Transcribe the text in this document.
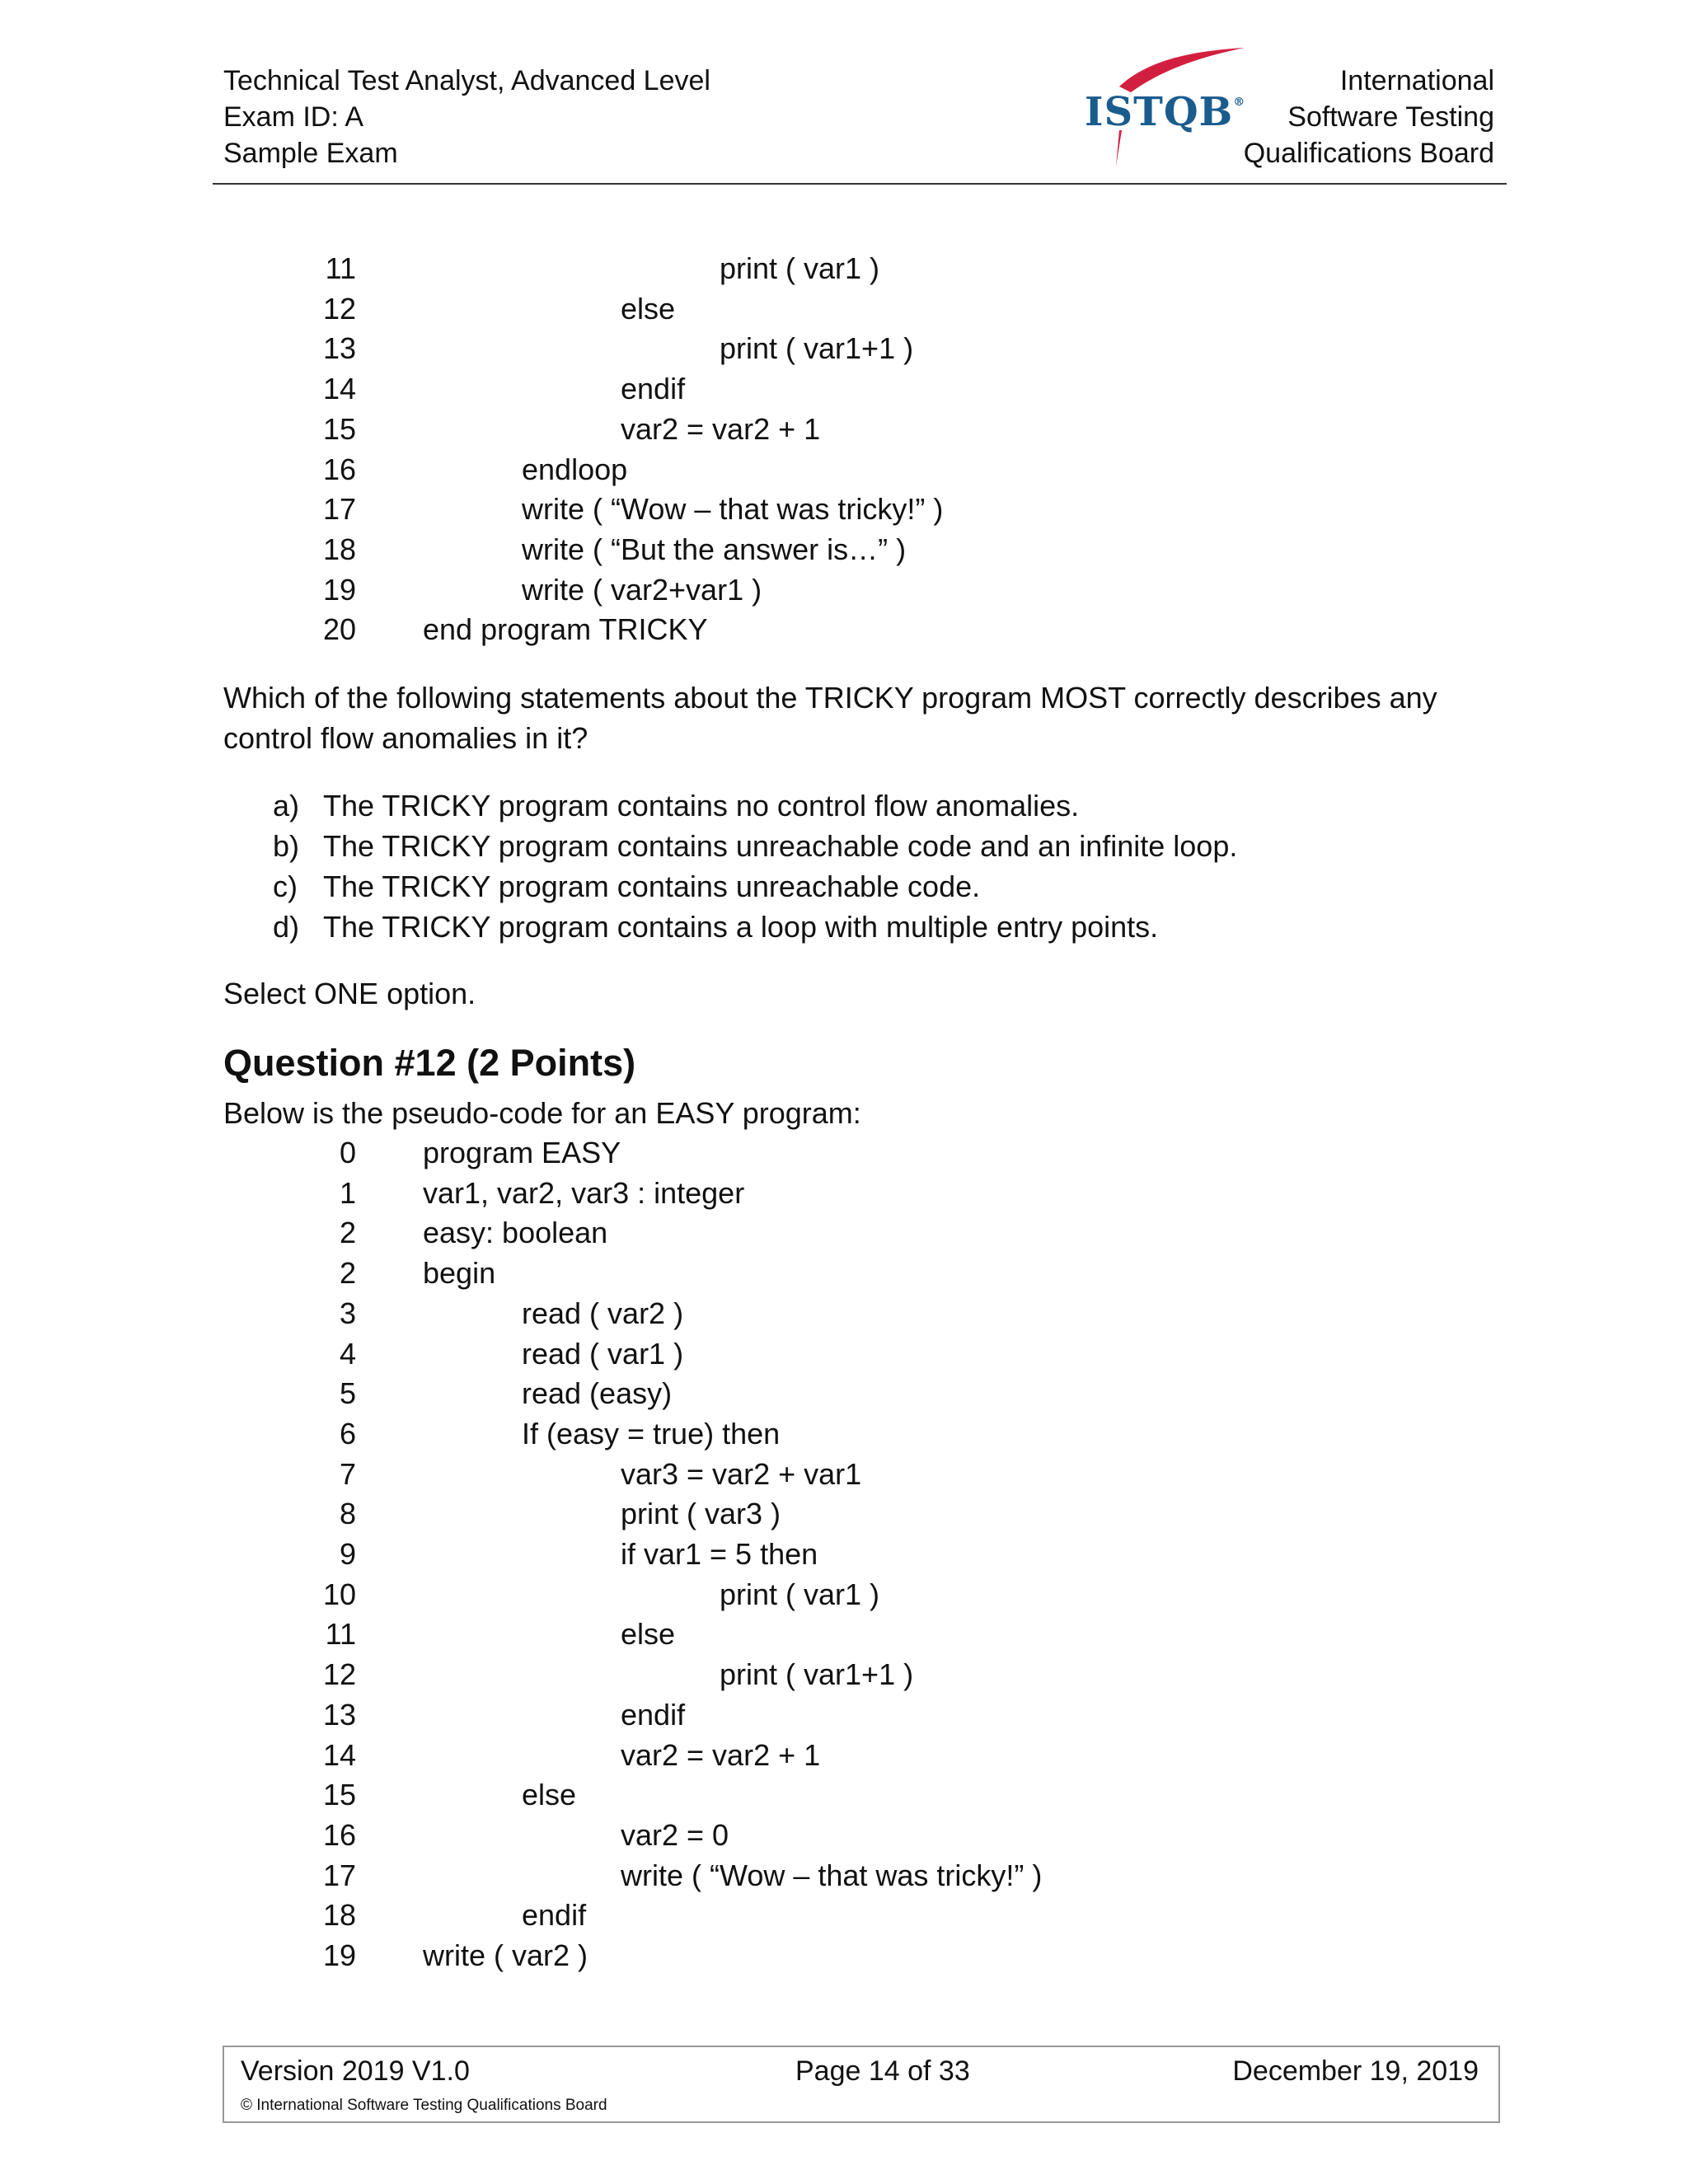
Technical Test Analyst, Advanced Level
Exam ID: A
Sample Exam
ISTQB®
International
Software Testing
Qualifications Board
11	print ( var1 )
12	else
13	print ( var1+1 )
14	endif
15	var2 = var2 + 1
16	endloop
17	write ( “Wow – that was tricky!” )
18	write ( “But the answer is…” )
19	write ( var2+var1 )
20 end program TRICKY
Which of the following statements about the TRICKY program MOST correctly describes any control flow anomalies in it?
a) The TRICKY program contains no control flow anomalies.
b) The TRICKY program contains unreachable code and an infinite loop.
c) The TRICKY program contains unreachable code.
d) The TRICKY program contains a loop with multiple entry points.
Select ONE option.
Question #12 (2 Points)
Below is the pseudo-code for an EASY program:
0 program EASY
1 var1, var2, var3 : integer
2 easy: boolean
2 begin
3	read ( var2 )
4	read ( var1 )
5	read (easy)
6	If (easy = true) then
7	var3 = var2 + var1
8	print ( var3 )
9	if var1 = 5 then
10	print ( var1 )
11	else
12	print ( var1+1 )
13	endif
14	var2 = var2 + 1
15	else
16	var2 = 0
17	write ( “Wow – that was tricky!” )
18	endif
19 write ( var2 )
Version 2019 V1.0	Page 14 of 33	December 19, 2019
© International Software Testing Qualifications Board
